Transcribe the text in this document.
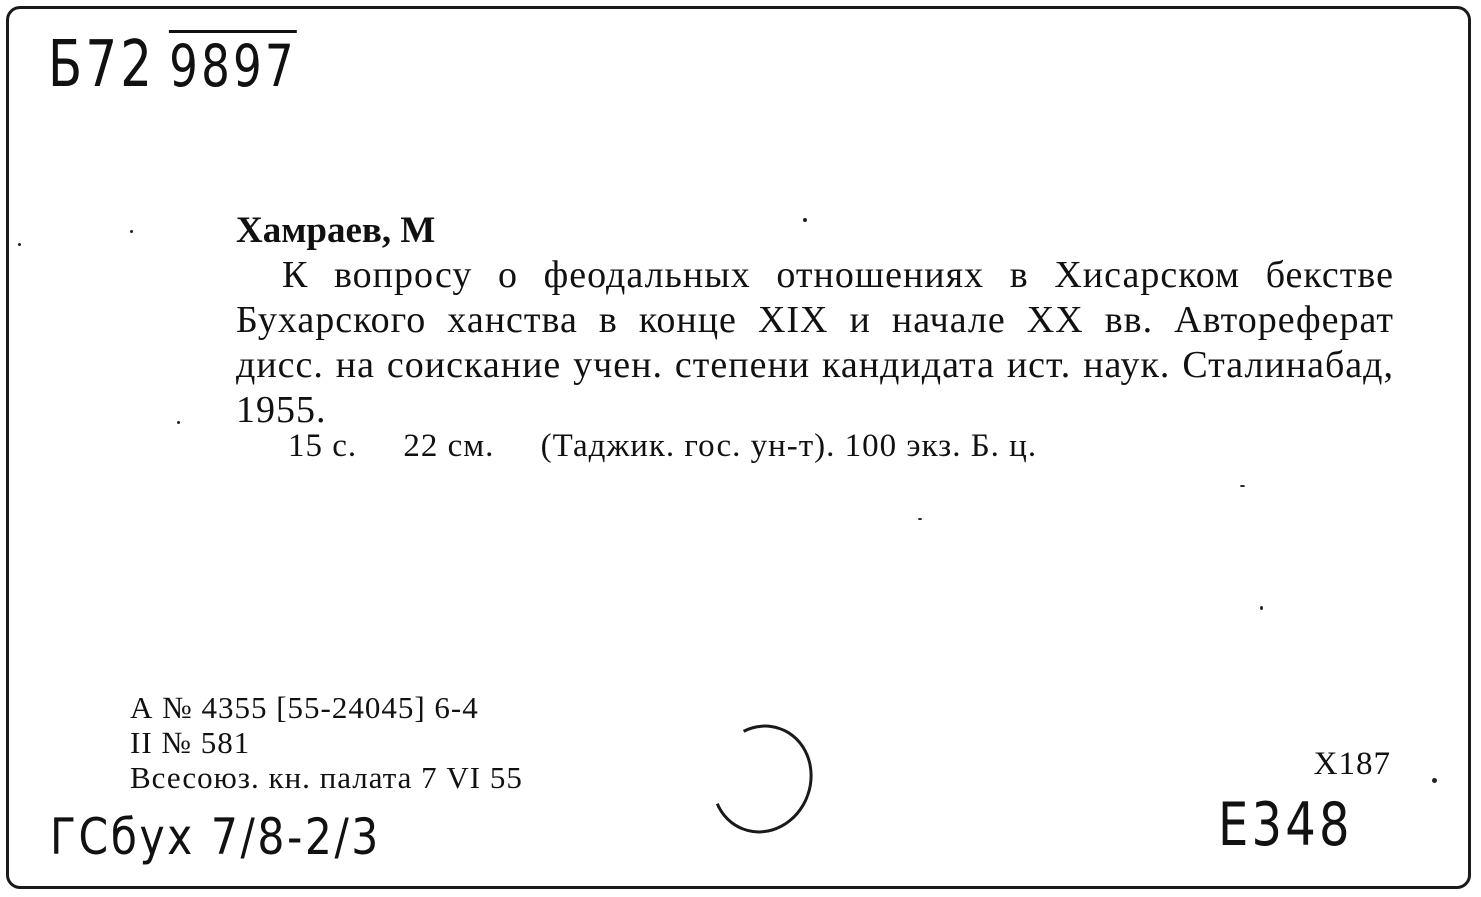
Б72 9897

Хамраев, М

К вопросу о феодальных отношениях в Хисарском бекстве Бухарского ханства в конце XIX и начале XX вв. Автореферат дисс. на соискание учен. степени кандидата ист. наук. Сталинабад, 1955.

15 с.     22 см.     (Таджик. гос. ун-т). 100 экз. Б. ц.
А № 4355 [55-24045] 6-4
II № 581
Всесоюз. кн. палата 7 VI 55	X187
Е348
ГСбух 7/8-2/3
